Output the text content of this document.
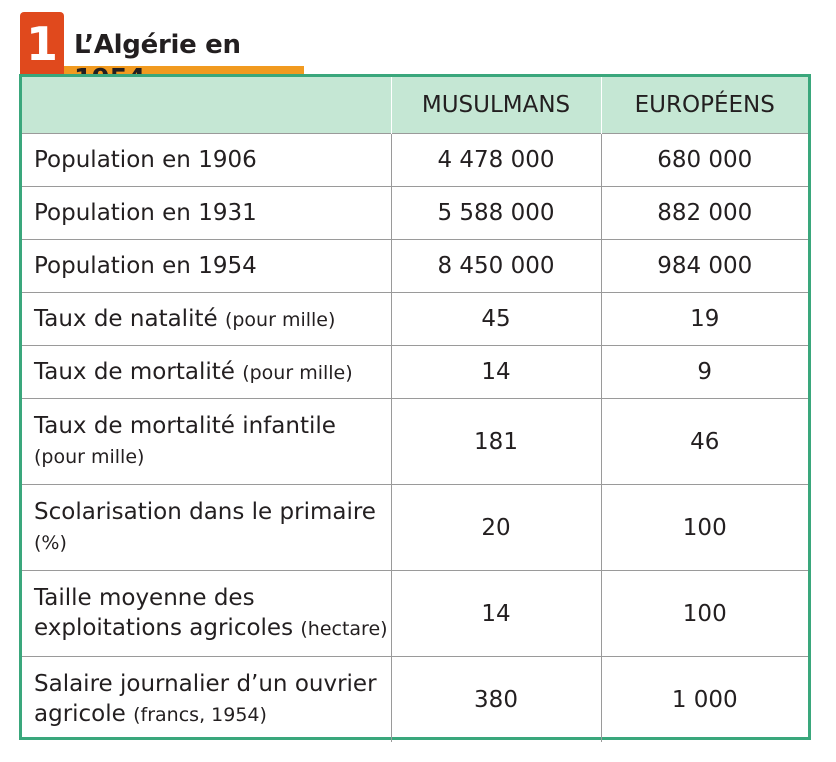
1 L’Algérie en
	MUSULMANS	EUROPÉENS
Population en 1906	4 478 000	680 000
Population en 1931	5 588 000	882 000
Population en 1954	8 450 000	984 000
Taux de natalité (pour mille)	45	19
Taux de mortalité (pour mille)	14	9
Taux de mortalité infantile
(pour mille)	181	46
Scolarisation dans le primaire
(%)	20	100
Taille moyenne des exploitations agricoles (hectare)	14	100
Salaire journalier d’un ouvrier agricole (francs, 1954)	380	1 000
